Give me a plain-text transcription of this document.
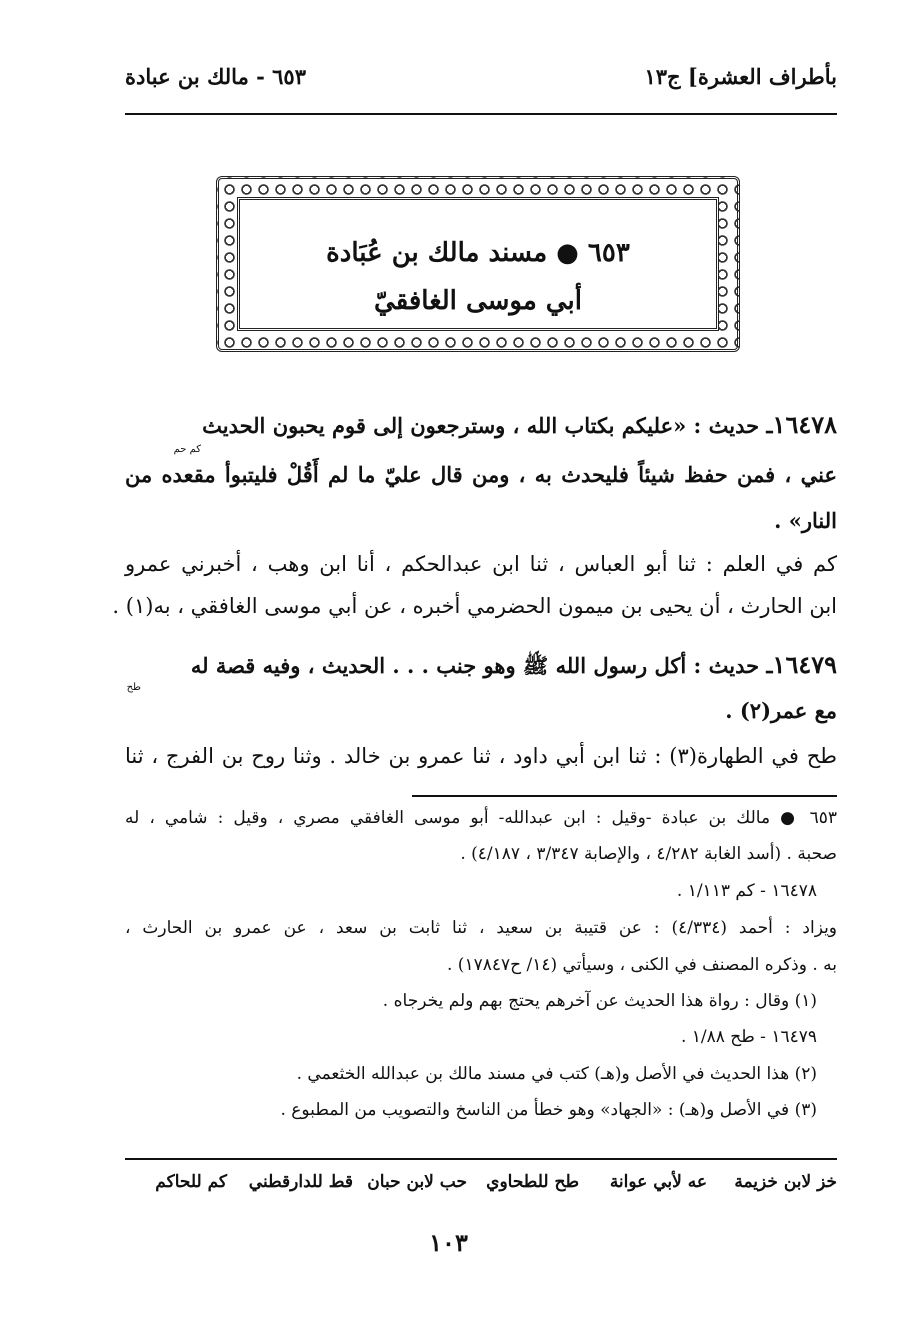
بأطراف العشرة] ج١٣
٦٥٣ - مالك بن عبادة
٦٥٣ ● مسند مالك بن عُبَادة
أبي موسى الغافقيّ
١٦٤٧٨ـ حديث : «عليكم بكتاب الله ، وسترجعون إلى قوم يحبون الحديث
كم حم
عني ، فمن حفظ شيئاً فليحدث به ، ومن قال عليّ ما لم أَقُلْ فليتبوأ مقعده من
النار» .
كم في العلم : ثنا أبو العباس ، ثنا ابن عبدالحكم ، أنا ابن وهب ، أخبرني عمرو
ابن الحارث ، أن يحيى بن ميمون الحضرمي أخبره ، عن أبي موسى الغافقي ، به(١) .
١٦٤٧٩ـ حديث : أكل رسول الله ﷺ وهو جنب . . . الحديث ، وفيه قصة له
طح
مع عمر(٢) .
طح في الطهارة(٣) : ثنا ابن أبي داود ، ثنا عمرو بن خالد . وثنا روح بن الفرج ، ثنا
٦٥٣ ● مالك بن عبادة -وقيل : ابن عبدالله- أبو موسى الغافقي مصري ، وقيل : شامي ، له
صحبة . (أسد الغابة ٤/٢٨٢ ، والإصابة ٣/٣٤٧ ، ٤/١٨٧) .
١٦٤٧٨ - كم ١/١١٣ .
ويزاد : أحمد (٤/٣٣٤) : عن قتيبة بن سعيد ، ثنا ثابت بن سعد ، عن عمرو بن الحارث ،
به . وذكره المصنف في الكنى ، وسيأتي (١٤/ ح١٧٨٤٧) .
(١) وقال : رواة هذا الحديث عن آخرهم يحتج بهم ولم يخرجاه .
١٦٤٧٩ - طح ١/٨٨ .
(٢) هذا الحديث في الأصل و(هـ) كتب في مسند مالك بن عبدالله الخثعمي .
(٣) في الأصل و(هـ) : «الجهاد» وهو خطأ من الناسخ والتصويب من المطبوع .
خز لابن خزيمة
عه لأبي عوانة
طح للطحاوي
حب لابن حبان
قط للدارقطني
كم للحاكم
١٠٣
